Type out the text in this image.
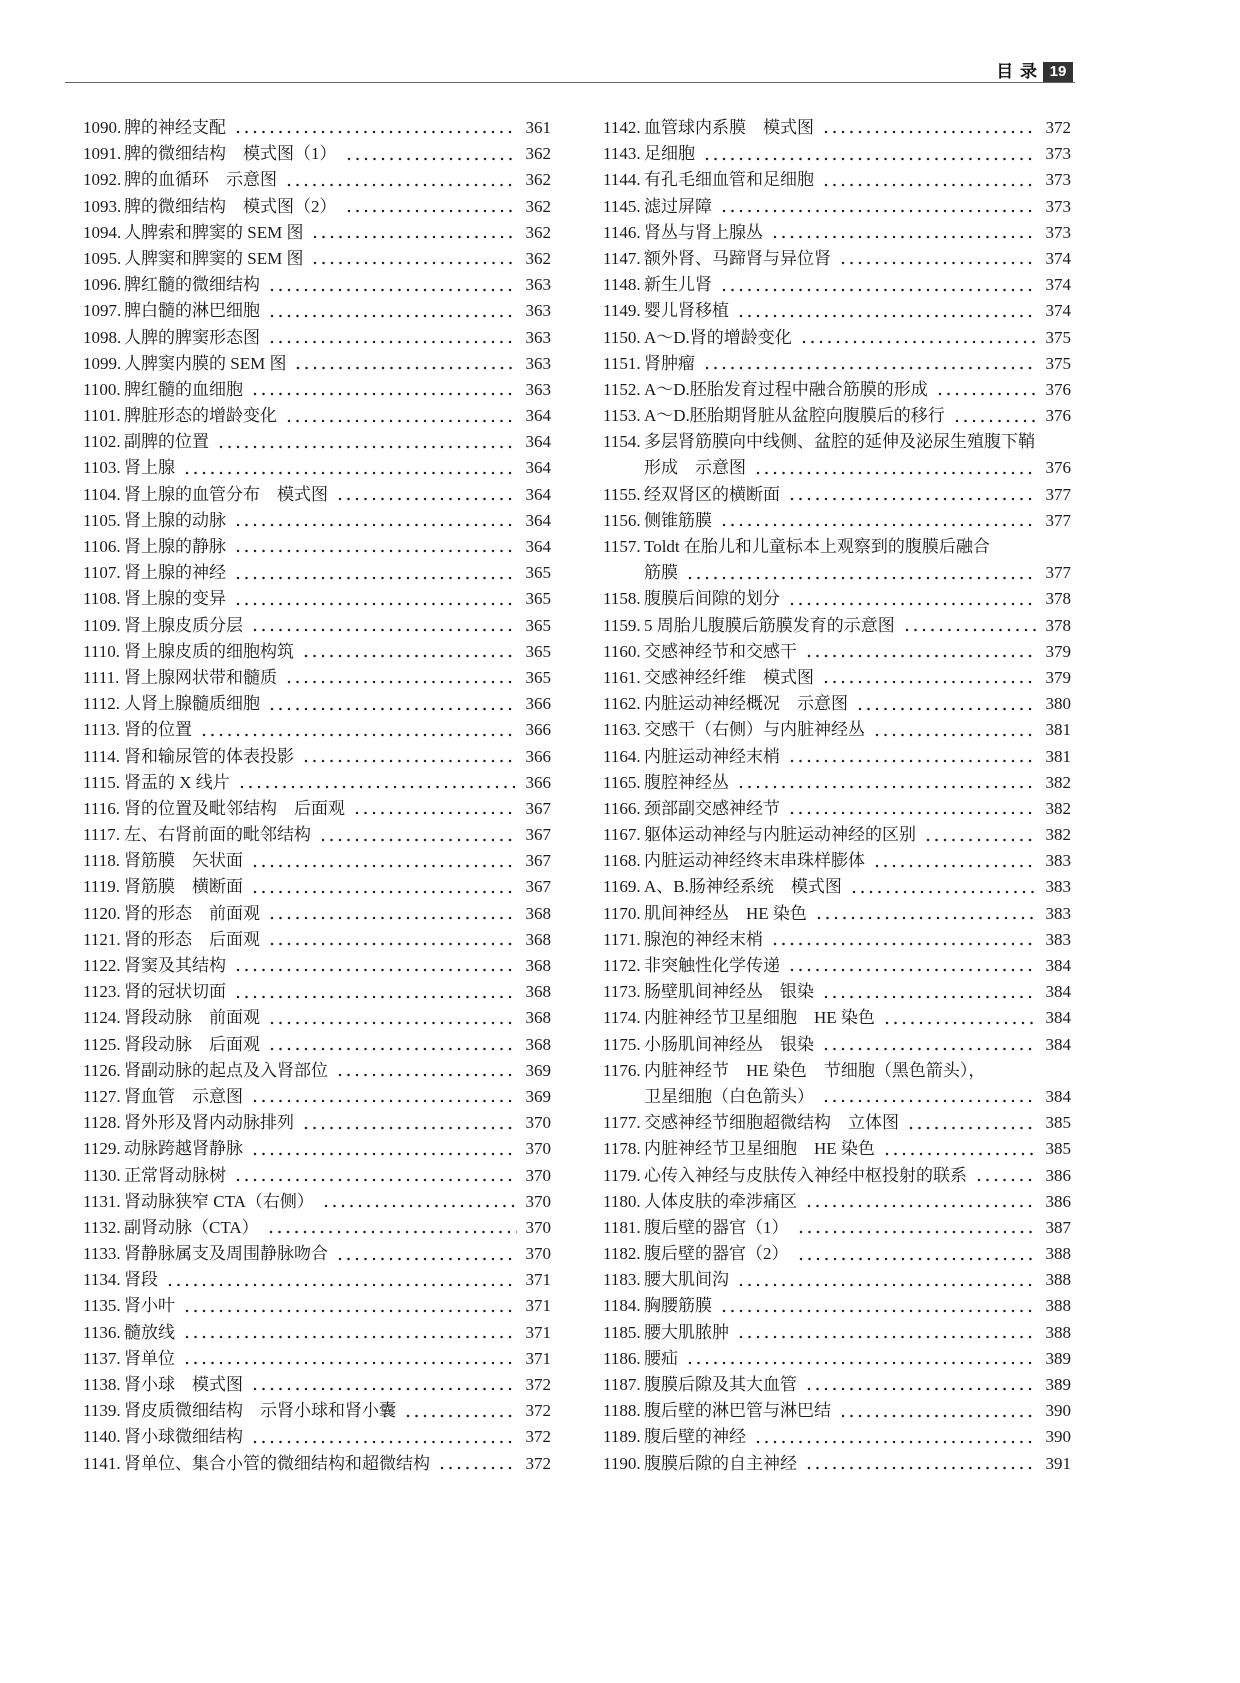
目 录 19
1090. 脾的神经支配	361
1091. 脾的微细结构　模式图（1）	362
1092. 脾的血循环　示意图	362
1093. 脾的微细结构　模式图（2）	362
1094. 人脾索和脾窦的 SEM 图	362
1095. 人脾窦和脾窦的 SEM 图	362
1096. 脾红髓的微细结构	363
1097. 脾白髓的淋巴细胞	363
1098. 人脾的脾窦形态图	363
1099. 人脾窦内膜的 SEM 图	363
1100. 脾红髓的血细胞	363
1101. 脾脏形态的增龄变化	364
1102. 副脾的位置	364
1103. 肾上腺	364
1104. 肾上腺的血管分布　模式图	364
1105. 肾上腺的动脉	364
1106. 肾上腺的静脉	364
1107. 肾上腺的神经	365
1108. 肾上腺的变异	365
1109. 肾上腺皮质分层	365
1110. 肾上腺皮质的细胞构筑	365
1111. 肾上腺网状带和髓质	365
1112. 人肾上腺髓质细胞	366
1113. 肾的位置	366
1114. 肾和输尿管的体表投影	366
1115. 肾盂的 X 线片	366
1116. 肾的位置及毗邻结构　后面观	367
1117. 左、右肾前面的毗邻结构	367
1118. 肾筋膜　矢状面	367
1119. 肾筋膜　横断面	367
1120. 肾的形态　前面观	368
1121. 肾的形态　后面观	368
1122. 肾窦及其结构	368
1123. 肾的冠状切面	368
1124. 肾段动脉　前面观	368
1125. 肾段动脉　后面观	368
1126. 肾副动脉的起点及入肾部位	369
1127. 肾血管　示意图	369
1128. 肾外形及肾内动脉排列	370
1129. 动脉跨越肾静脉	370
1130. 正常肾动脉树	370
1131. 肾动脉狭窄 CTA（右侧）	370
1132. 副肾动脉（CTA）	370
1133. 肾静脉属支及周围静脉吻合	370
1134. 肾段	371
1135. 肾小叶	371
1136. 髓放线	371
1137. 肾单位	371
1138. 肾小球　模式图	372
1139. 肾皮质微细结构　示肾小球和肾小囊	372
1140. 肾小球微细结构	372
1141. 肾单位、集合小管的微细结构和超微结构	372
1142. 血管球内系膜　模式图	372
1143. 足细胞	373
1144. 有孔毛细血管和足细胞	373
1145. 滤过屏障	373
1146. 肾丛与肾上腺丛	373
1147. 额外肾、马蹄肾与异位肾	374
1148. 新生儿肾	374
1149. 婴儿肾移植	374
1150. A～D.肾的增龄变化	375
1151. 肾肿瘤	375
1152. A～D.胚胎发育过程中融合筋膜的形成	376
1153. A～D.胚胎期肾脏从盆腔向腹膜后的移行	376
1154. 多层肾筋膜向中线侧、盆腔的延伸及泌尿生殖腹下鞘
形成　示意图	376
1155. 经双肾区的横断面	377
1156. 侧锥筋膜	377
1157. Toldt 在胎儿和儿童标本上观察到的腹膜后融合
筋膜	377
1158. 腹膜后间隙的划分	378
1159. 5 周胎儿腹膜后筋膜发育的示意图	378
1160. 交感神经节和交感干	379
1161. 交感神经纤维　模式图	379
1162. 内脏运动神经概况　示意图	380
1163. 交感干（右侧）与内脏神经丛	381
1164. 内脏运动神经末梢	381
1165. 腹腔神经丛	382
1166. 颈部副交感神经节	382
1167. 躯体运动神经与内脏运动神经的区别	382
1168. 内脏运动神经终末串珠样膨体	383
1169. A、B.肠神经系统　模式图	383
1170. 肌间神经丛　HE 染色	383
1171. 腺泡的神经末梢	383
1172. 非突触性化学传递	384
1173. 肠壁肌间神经丛　银染	384
1174. 内脏神经节卫星细胞　HE 染色	384
1175. 小肠肌间神经丛　银染	384
1176. 内脏神经节　HE 染色　节细胞（黑色箭头），
卫星细胞（白色箭头）	384
1177. 交感神经节细胞超微结构　立体图	385
1178. 内脏神经节卫星细胞　HE 染色	385
1179. 心传入神经与皮肤传入神经中枢投射的联系	386
1180. 人体皮肤的牵涉痛区	386
1181. 腹后壁的器官（1）	387
1182. 腹后壁的器官（2）	388
1183. 腰大肌间沟	388
1184. 胸腰筋膜	388
1185. 腰大肌脓肿	388
1186. 腰疝	389
1187. 腹膜后隙及其大血管	389
1188. 腹后壁的淋巴管与淋巴结	390
1189. 腹后壁的神经	390
1190. 腹膜后隙的自主神经	391
